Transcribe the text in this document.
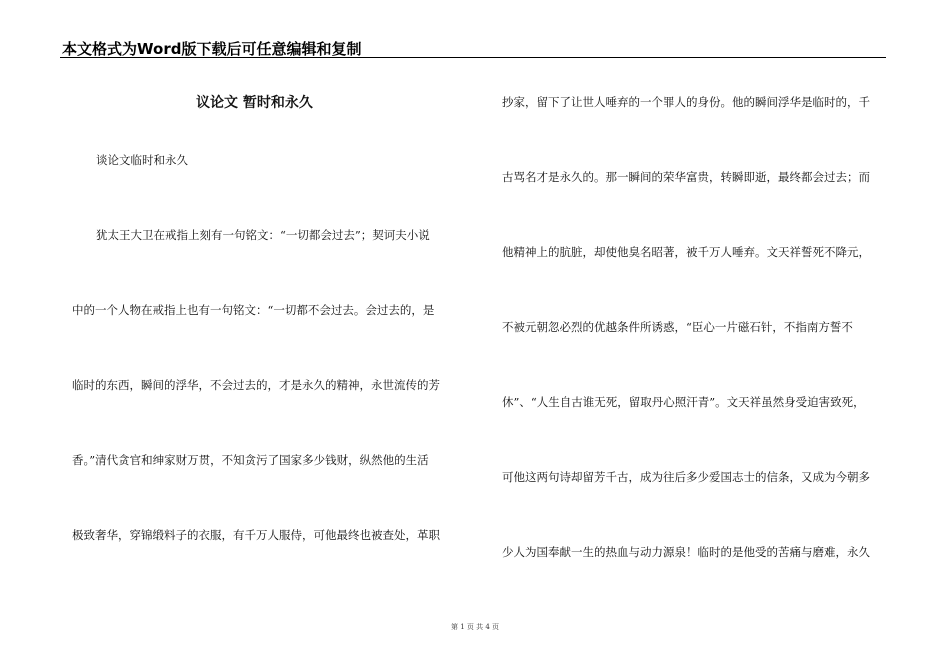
本文格式为Word版下载后可任意编辑和复制
议论文 暂时和永久
谈论文临时和永久
犹太王大卫在戒指上刻有一句铭文：“一切都会过去”；契诃夫小说
中的一个人物在戒指上也有一句铭文：“一切都不会过去。会过去的，是
临时的东西，瞬间的浮华，不会过去的，才是永久的精神，永世流传的芳
香。”清代贪官和绅家财万贯，不知贪污了国家多少钱财，纵然他的生活
极致奢华，穿锦缎料子的衣服，有千万人服侍，可他最终也被查处，革职
抄家，留下了让世人唾弃的一个罪人的身份。他的瞬间浮华是临时的，千
古骂名才是永久的。那一瞬间的荣华富贵，转瞬即逝，最终都会过去；而
他精神上的肮脏，却使他臭名昭著，被千万人唾弃。文天祥誓死不降元，
不被元朝忽必烈的优越条件所诱惑，“臣心一片磁石针，不指南方誓不
休”、“人生自古谁无死，留取丹心照汗青”。文天祥虽然身受迫害致死，
可他这两句诗却留芳千古，成为往后多少爱国志士的信条，又成为今朝多
少人为国奉献一生的热血与动力源泉！临时的是他受的苦痛与磨难，永久
第 1 页 共 4 页
